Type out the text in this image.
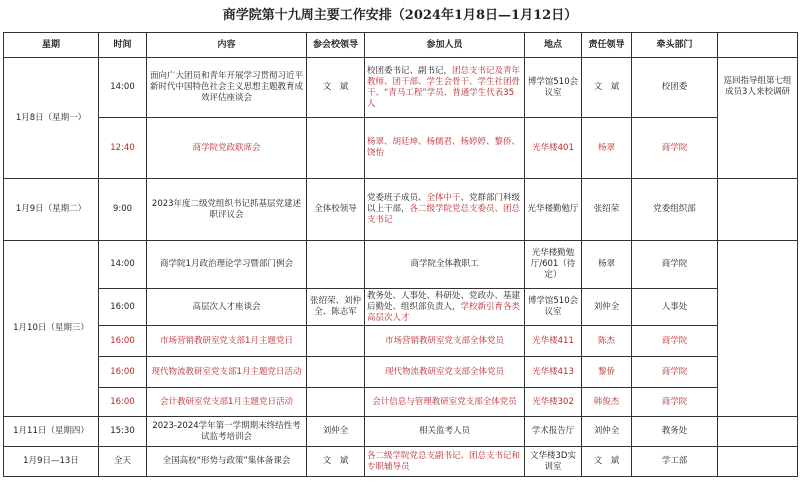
商学院第十九周主要工作安排（2024年1月8日—1月12日）
星期	时间	内容	参会校领导	参加人员	地点	责任领导	牵头部门	
1月8日（星期一）	14:00	面向广大团员和青年开展学习贯彻习近平新时代中国特色社会主义思想主题教育成效评估座谈会	文　斌	校团委书记、副书记，团总支书记及青年教师、团干部、学生会骨干、学生社团骨干、“青马工程”学员、普通学生代表35人	博学馆510会议室	文　斌	校团委	巡回指导组第七组成员3人来校调研
	12:40	商学院党政联席会		杨翠、胡廷坤、杨儒君、杨婷婷、黎侨、饶怡	光华楼401	杨翠	商学院	
1月9日（星期二）	9:00	2023年度二级党组织书记抓基层党建述职评议会	全体校领导	党委班子成员、全体中干、党群部门科级以上干部，各二级学院党总支委员、团总支书记	光华楼勤勉厅	张绍荣	党委组织部	
1月10日（星期三）	14:00	商学院1月政治理论学习暨部门例会		商学院全体教职工	光华楼勤勉厅/601（待定）	杨翠	商学院	
	16:00	高层次人才座谈会	张绍荣、刘仲全、陈志军	教务处、人事处、科研处、党政办、基建后勤处、组织部负责人，学校新引育各类高层次人才	博学馆510会议室	刘仲全	人事处	
	16:00	市场营销教研室党支部1月主题党日		市场营销教研室党支部全体党员	光华楼411	陈杰	商学院	
	16:00	现代物流教研室党支部1月主题党日活动		现代物流教研室党支部全体党员	光华楼413	黎侨	商学院	
	16:00	会计教研室党支部1月主题党日活动		会计信息与管理教研室党支部全体党员	光华楼302	韩俊杰	商学院	
1月11日（星期四）	15:30	2023-2024学年第一学期期末终结性考试监考培训会	刘仲全	相关监考人员	学术报告厅	刘仲全	教务处	
1月9日—13日	全天	全国高校“形势与政策”集体备课会	文　斌	各二级学院党总支副书记、团总支书记和专职辅导员	文华楼3D实训室	文　斌	学工部	
